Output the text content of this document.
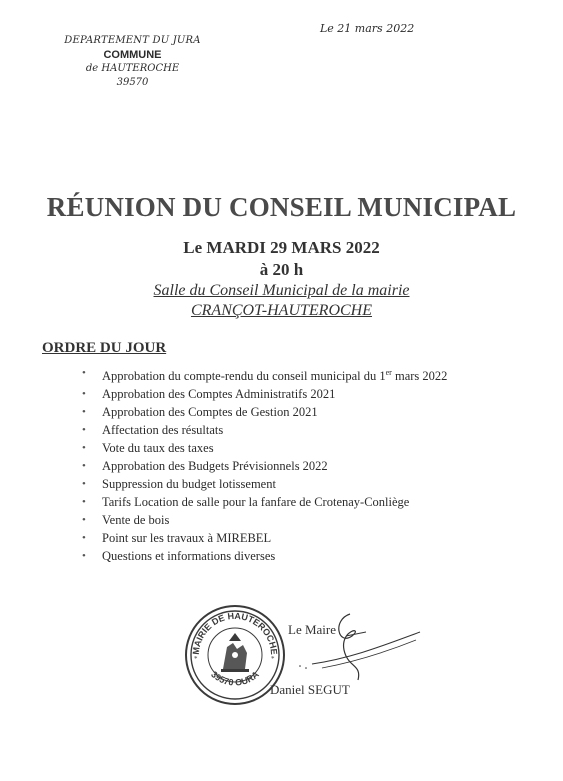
DEPARTEMENT DU JURA
COMMUNE
de HAUTEROCHE
39570
Le 21 mars 2022
RÉUNION DU CONSEIL MUNICIPAL
Le MARDI 29 MARS 2022
à 20 h
Salle du Conseil Municipal de la mairie
CRANÇOT-HAUTEROCHE
ORDRE DU JOUR
• Approbation du compte-rendu du conseil municipal du 1er mars 2022
• Approbation des Comptes Administratifs 2021
• Approbation des Comptes de Gestion 2021
• Affectation des résultats
• Vote du taux des taxes
• Approbation des Budgets Prévisionnels 2022
• Suppression du budget lotissement
• Tarifs Location de salle pour la fanfare de Crotenay-Conliège
• Vente de bois
• Point sur les travaux à MIREBEL
• Questions et informations diverses
MAIRIE DE HAUTEROCHE
39570 OURA
*	*
Le Maire
Daniel SEGUT
